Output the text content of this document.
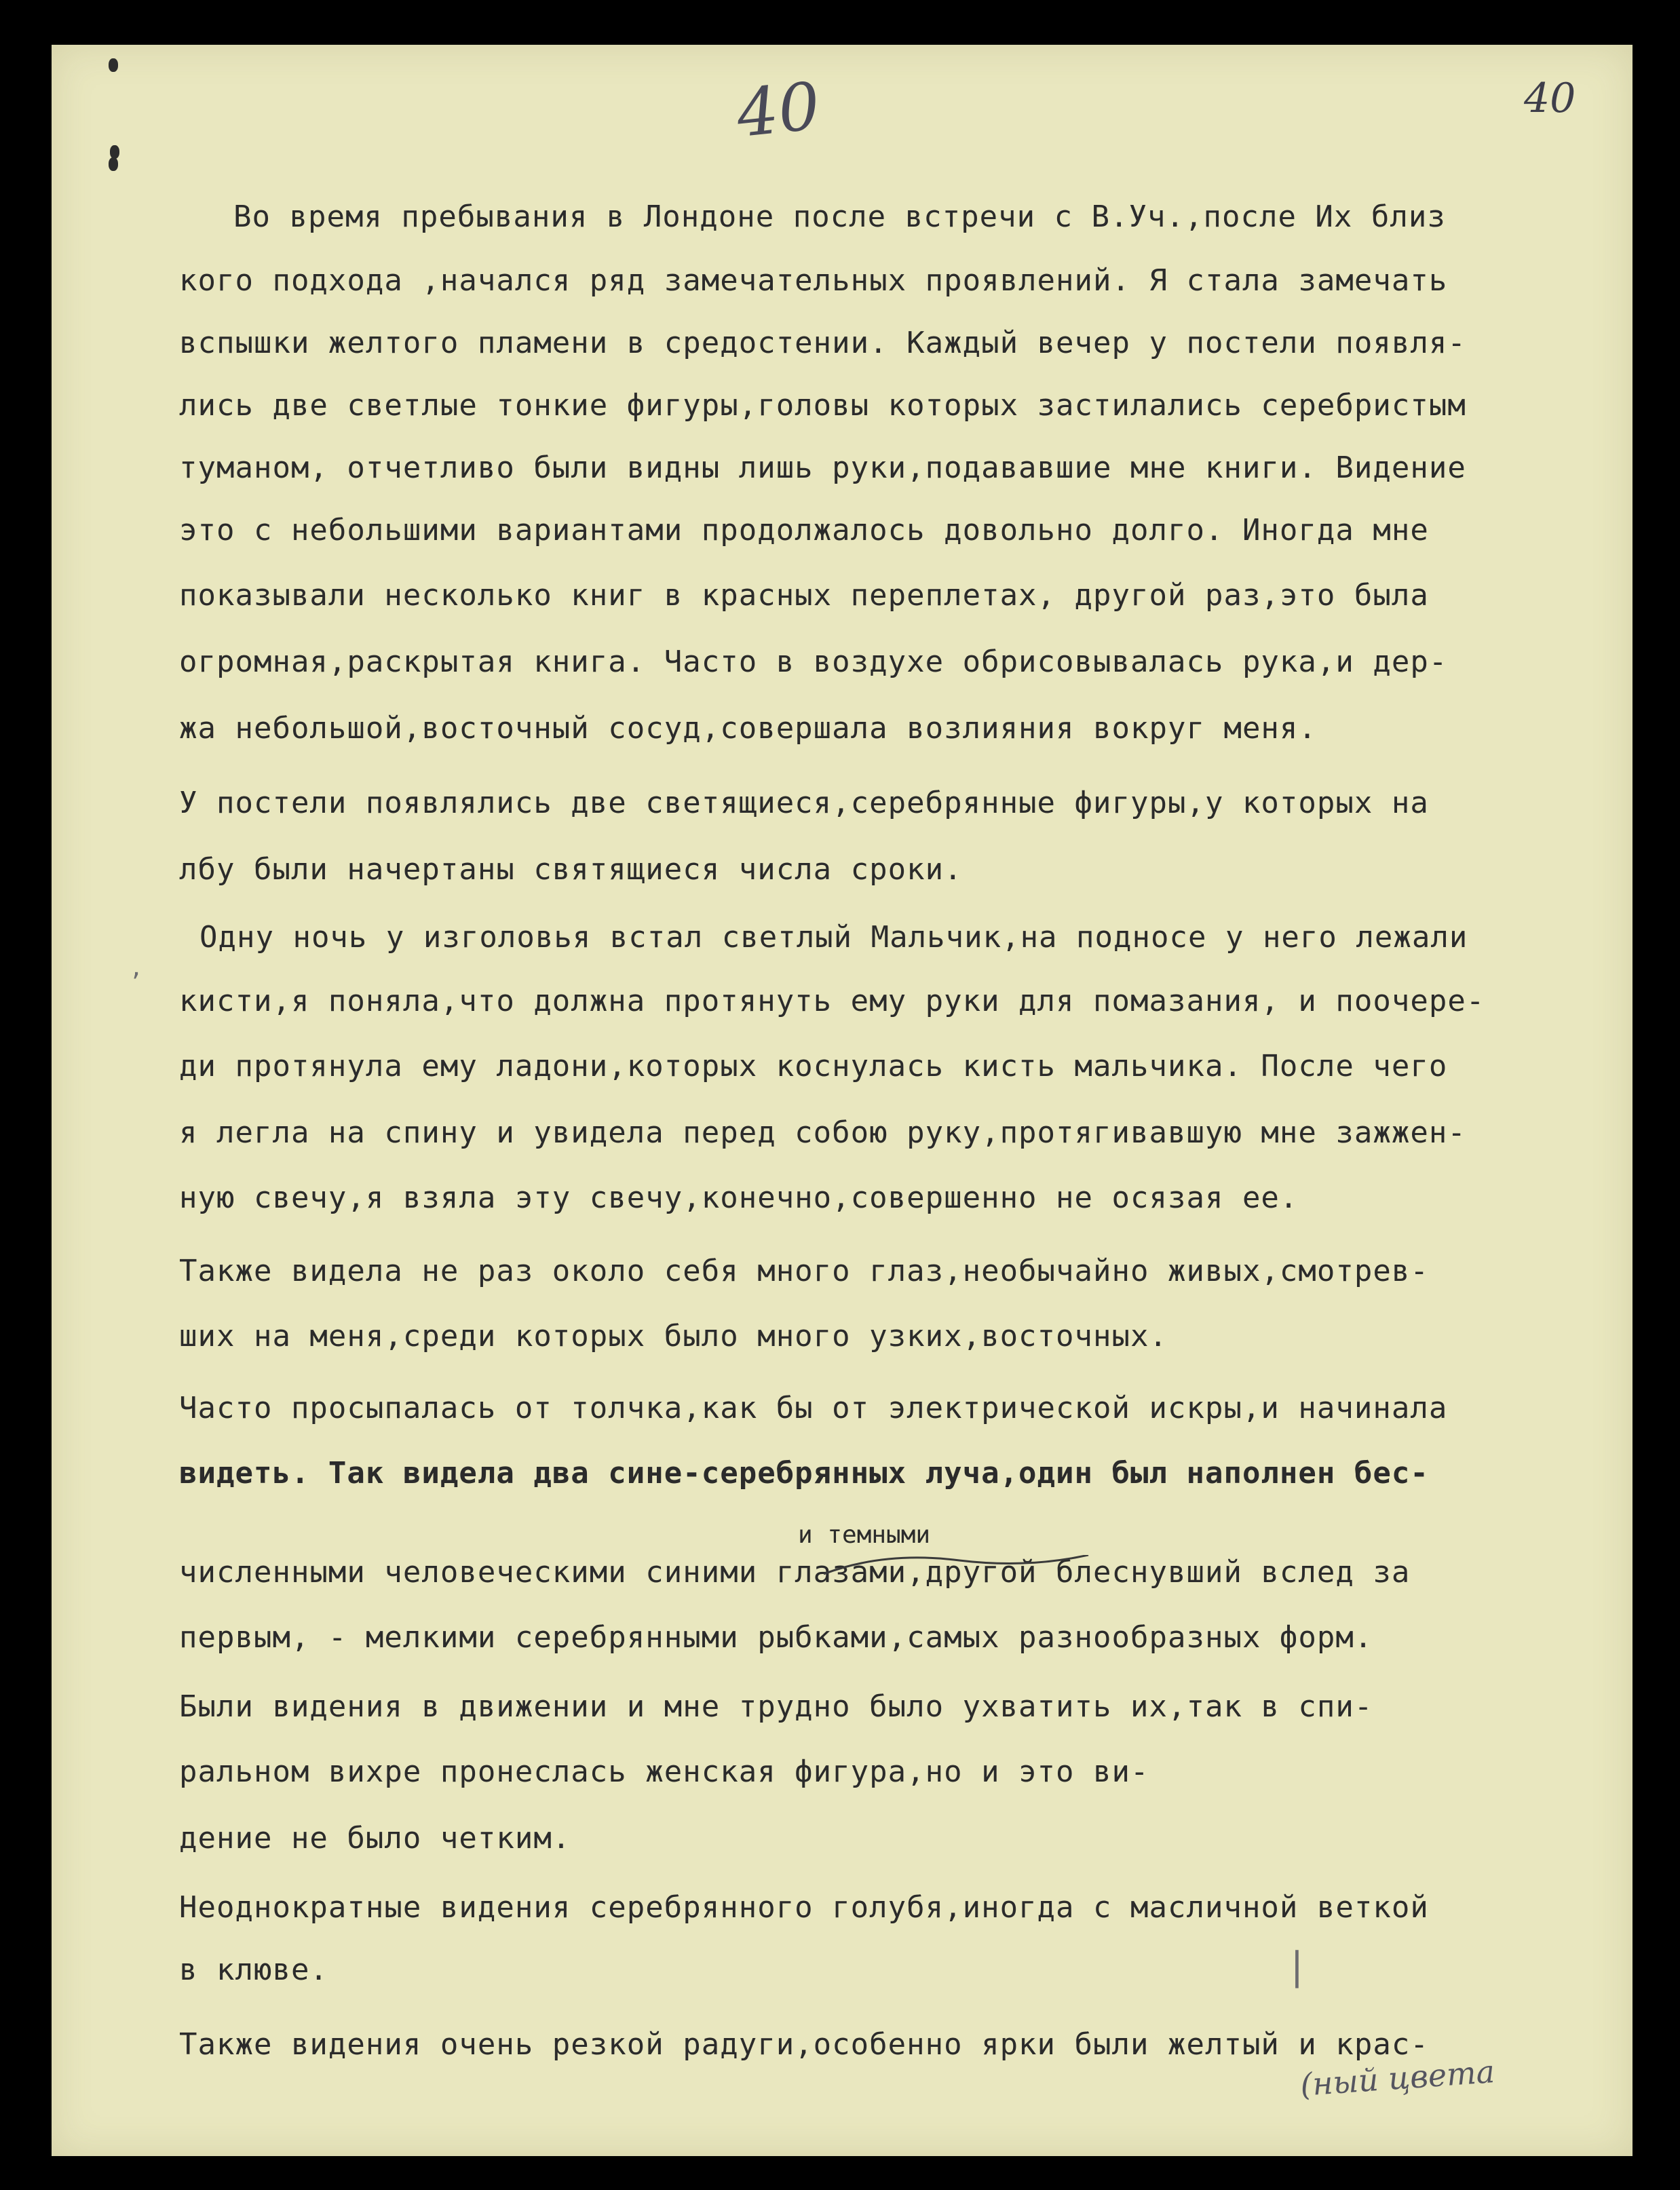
40	40
‚
|
Во время пребывания в Лондоне после встречи с В.Уч.,после Их близ
кого подхода ,начался ряд замечательных проявлений. Я стала замечать
вспышки желтого пламени в средостении. Каждый вечер у постели появля-
лись две светлые тонкие фигуры,головы которых застилались серебристым
туманом, отчетливо были видны лишь руки,подававшие мне книги. Видение
это с небольшими вариантами продолжалось довольно долго. Иногда мне
показывали несколько книг в красных переплетах, другой раз,это была
огромная,раскрытая книга. Часто в воздухе обрисовывалась рука,и дер-
жа небольшой,восточный сосуд,совершала возлияния вокруг меня.
У постели появлялись две светящиеся,серебрянные фигуры,у которых на
лбу были начертаны святящиеся числа сроки.
Одну ночь у изголовья встал светлый Мальчик,на подносе у него лежали
кисти,я поняла,что должна протянуть ему руки для помазания, и поочере-
ди протянула ему ладони,которых коснулась кисть мальчика. После чего
я легла на спину и увидела перед собою руку,протягивавшую мне зажжен-
ную свечу,я взяла эту свечу,конечно,совершенно не осязая ее.
Также видела не раз около себя много глаз,необычайно живых,смотрев-
ших на меня,среди которых было много узких,восточных.
Часто просыпалась от толчка,как бы от электрической искры,и начинала
видеть. Так видела два сине-серебрянных луча,один был наполнен бес-
численными человеческими синими глазами,другой блеснувший вслед за
первым, - мелкими серебрянными рыбками,самых разнообразных форм.
Были видения в движении и мне трудно было ухватить их,так в спи-
ральном вихре пронеслась женская фигура,но и это ви-
дение не было четким.
Неоднократные видения серебрянного голубя,иногда с масличной веткой
в клюве.
Также видения очень резкой радуги,особенно ярки были желтый и крас-
и темными
(ный цвета
